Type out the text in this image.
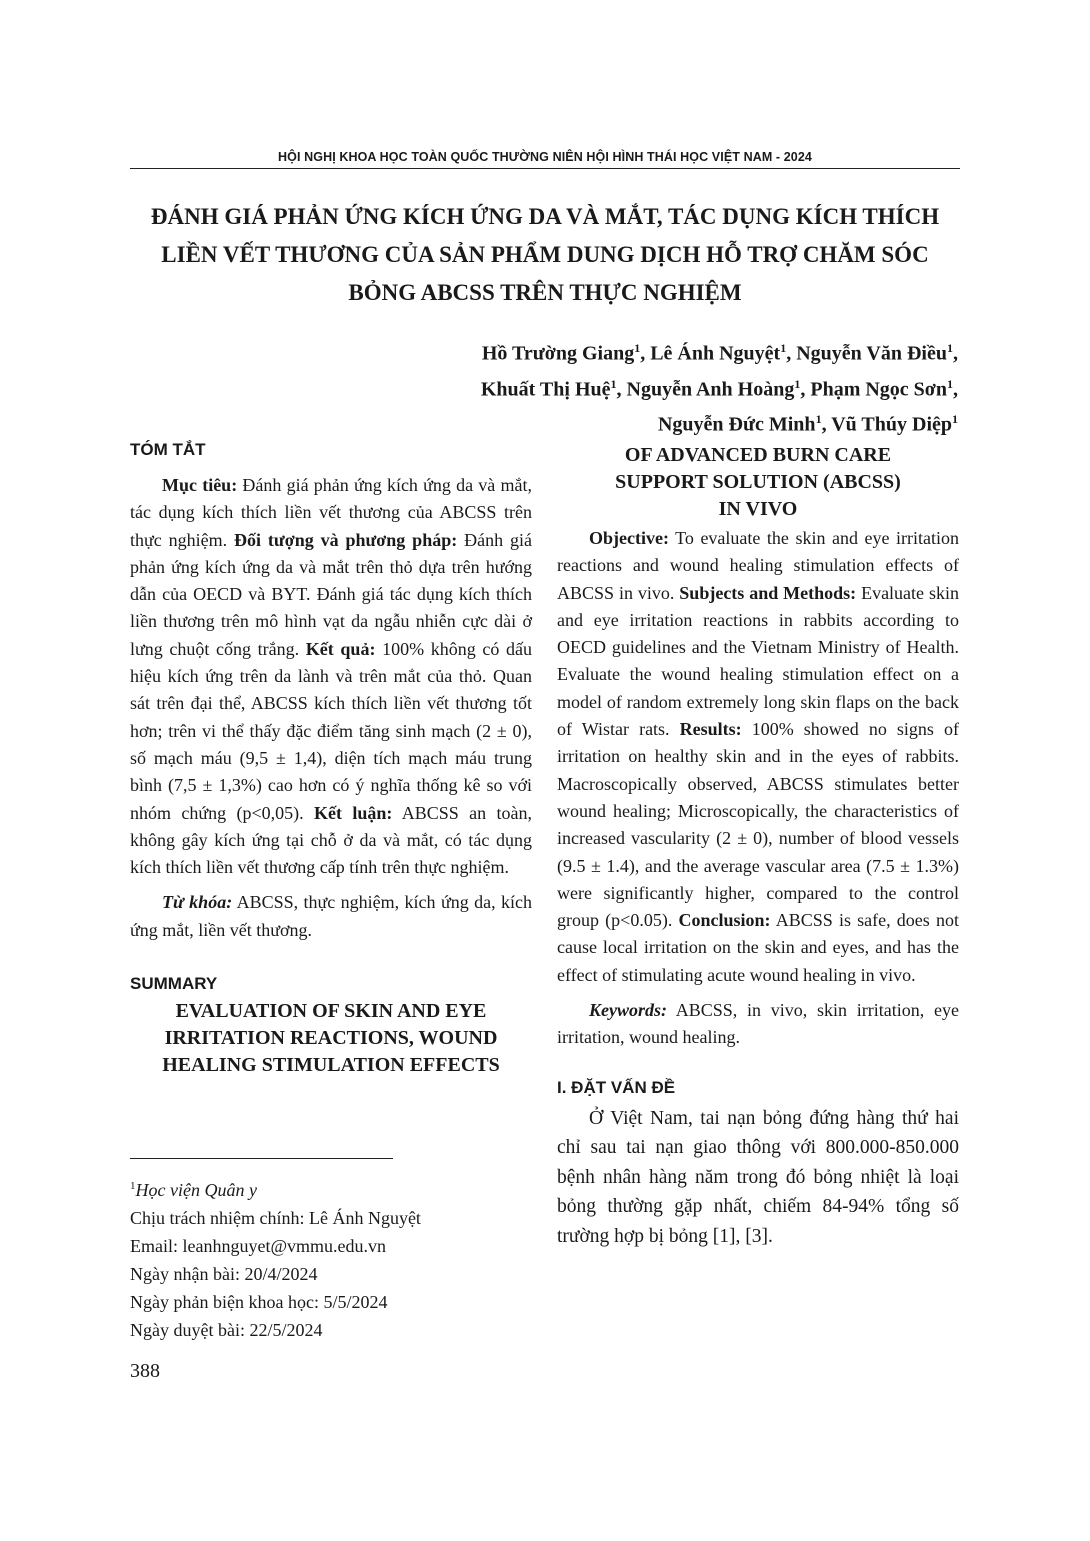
HỘI NGHỊ KHOA HỌC TOÀN QUỐC THƯỜNG NIÊN HỘI HÌNH THÁI HỌC VIỆT NAM - 2024
ĐÁNH GIÁ PHẢN ỨNG KÍCH ỨNG DA VÀ MẮT, TÁC DỤNG KÍCH THÍCH
LIỀN VẾT THƯƠNG CỦA SẢN PHẨM DUNG DỊCH HỖ TRỢ CHĂM SÓC
BỎNG ABCSS TRÊN THỰC NGHIỆM
Hồ Trường Giang$^1$, Lê Ánh Nguyệt$^1$, Nguyễn Văn Điều$^1$,
Khuất Thị Huệ$^1$, Nguyễn Anh Hoàng$^1$, Phạm Ngọc Sơn$^1$,
Nguyễn Đức Minh$^1$, Vũ Thúy Diệp$^1$

TÓM TẮT

Mục tiêu: Đánh giá phản ứng kích ứng da và mắt, tác dụng kích thích liền vết thương của ABCSS trên thực nghiệm. Đối tượng và phương pháp: Đánh giá phản ứng kích ứng da và mắt trên thỏ dựa trên hướng dẫn của OECD và BYT. Đánh giá tác dụng kích thích liền thương trên mô hình vạt da ngẫu nhiễn cực dài ở lưng chuột cống trắng. Kết quả: 100% không có dấu hiệu kích ứng trên da lành và trên mắt của thỏ. Quan sát trên đại thể, ABCSS kích thích liền vết thương tốt hơn; trên vi thể thấy đặc điểm tăng sinh mạch (2 ± 0), số mạch máu (9,5 ± 1,4), diện tích mạch máu trung bình (7,5 ± 1,3%) cao hơn có ý nghĩa thống kê so với nhóm chứng (p<0,05). Kết luận: ABCSS an toàn, không gây kích ứng tại chỗ ở da và mắt, có tác dụng kích thích liền vết thương cấp tính trên thực nghiệm.

Từ khóa: ABCSS, thực nghiệm, kích ứng da, kích ứng mắt, liền vết thương.

SUMMARY

EVALUATION OF SKIN AND EYE
IRRITATION REACTIONS, WOUND
HEALING STIMULATION EFFECTS
OF ADVANCED BURN CARE
SUPPORT SOLUTION (ABCSS)
IN VIVO

Objective: To evaluate the skin and eye irritation reactions and wound healing stimulation effects of ABCSS in vivo. Subjects and Methods: Evaluate skin and eye irritation reactions in rabbits according to OECD guidelines and the Vietnam Ministry of Health. Evaluate the wound healing stimulation effect on a model of random extremely long skin flaps on the back of Wistar rats. Results: 100% showed no signs of irritation on healthy skin and in the eyes of rabbits. Macroscopically observed, ABCSS stimulates better wound healing; Microscopically, the characteristics of increased vascularity (2 ± 0), number of blood vessels (9.5 ± 1.4), and the average vascular area (7.5 ± 1.3%) were significantly higher, compared to the control group (p<0.05). Conclusion: ABCSS is safe, does not cause local irritation on the skin and eyes, and has the effect of stimulating acute wound healing in vivo.

Keywords: ABCSS, in vivo, skin irritation, eye irritation, wound healing.

I. ĐẶT VẤN ĐỀ

Ở Việt Nam, tai nạn bỏng đứng hàng thứ hai chỉ sau tai nạn giao thông với 800.000-850.000 bệnh nhân hàng năm trong đó bỏng nhiệt là loại bỏng thường gặp nhất, chiếm 84-94% tổng số trường hợp bị bỏng [1], [3].

$^1$Học viện Quân y
Chịu trách nhiệm chính: Lê Ánh Nguyệt
Email: leanhnguyet@vmmu.edu.vn
Ngày nhận bài: 20/4/2024
Ngày phản biện khoa học: 5/5/2024
Ngày duyệt bài: 22/5/2024
388
